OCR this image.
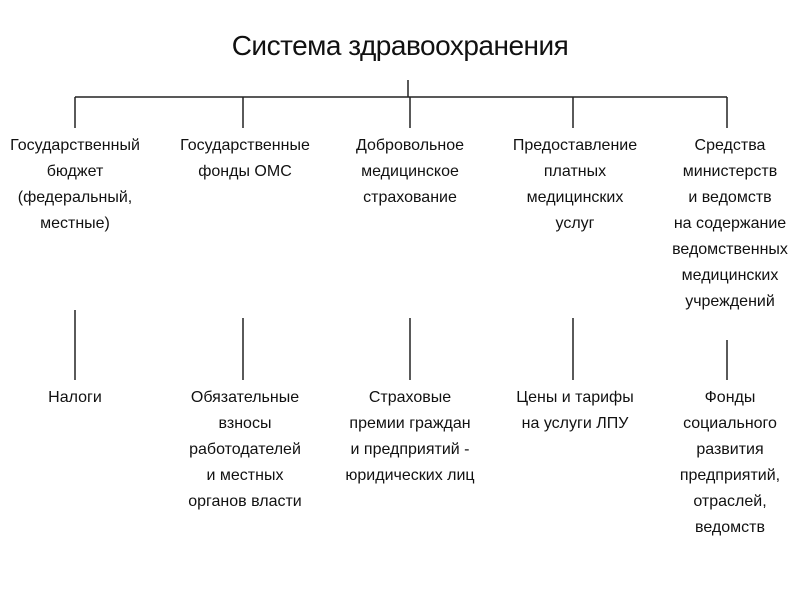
Система здравоохранения
Государственный
бюджет
(федеральный,
местные)
Государственные
фонды ОМС
Добровольное
медицинское
страхование
Предоставление
платных
медицинских
услуг
Средства
министерств
и ведомств
на содержание
ведомственных
медицинских
учреждений
Налоги	Обязательные
взносы
работодателей
и местных
органов власти
Страховые
премии граждан
и предприятий -
юридических лиц
Цены и тарифы
на услуги ЛПУ
Фонды
социального
развития
предприятий,
отраслей,
ведомств
